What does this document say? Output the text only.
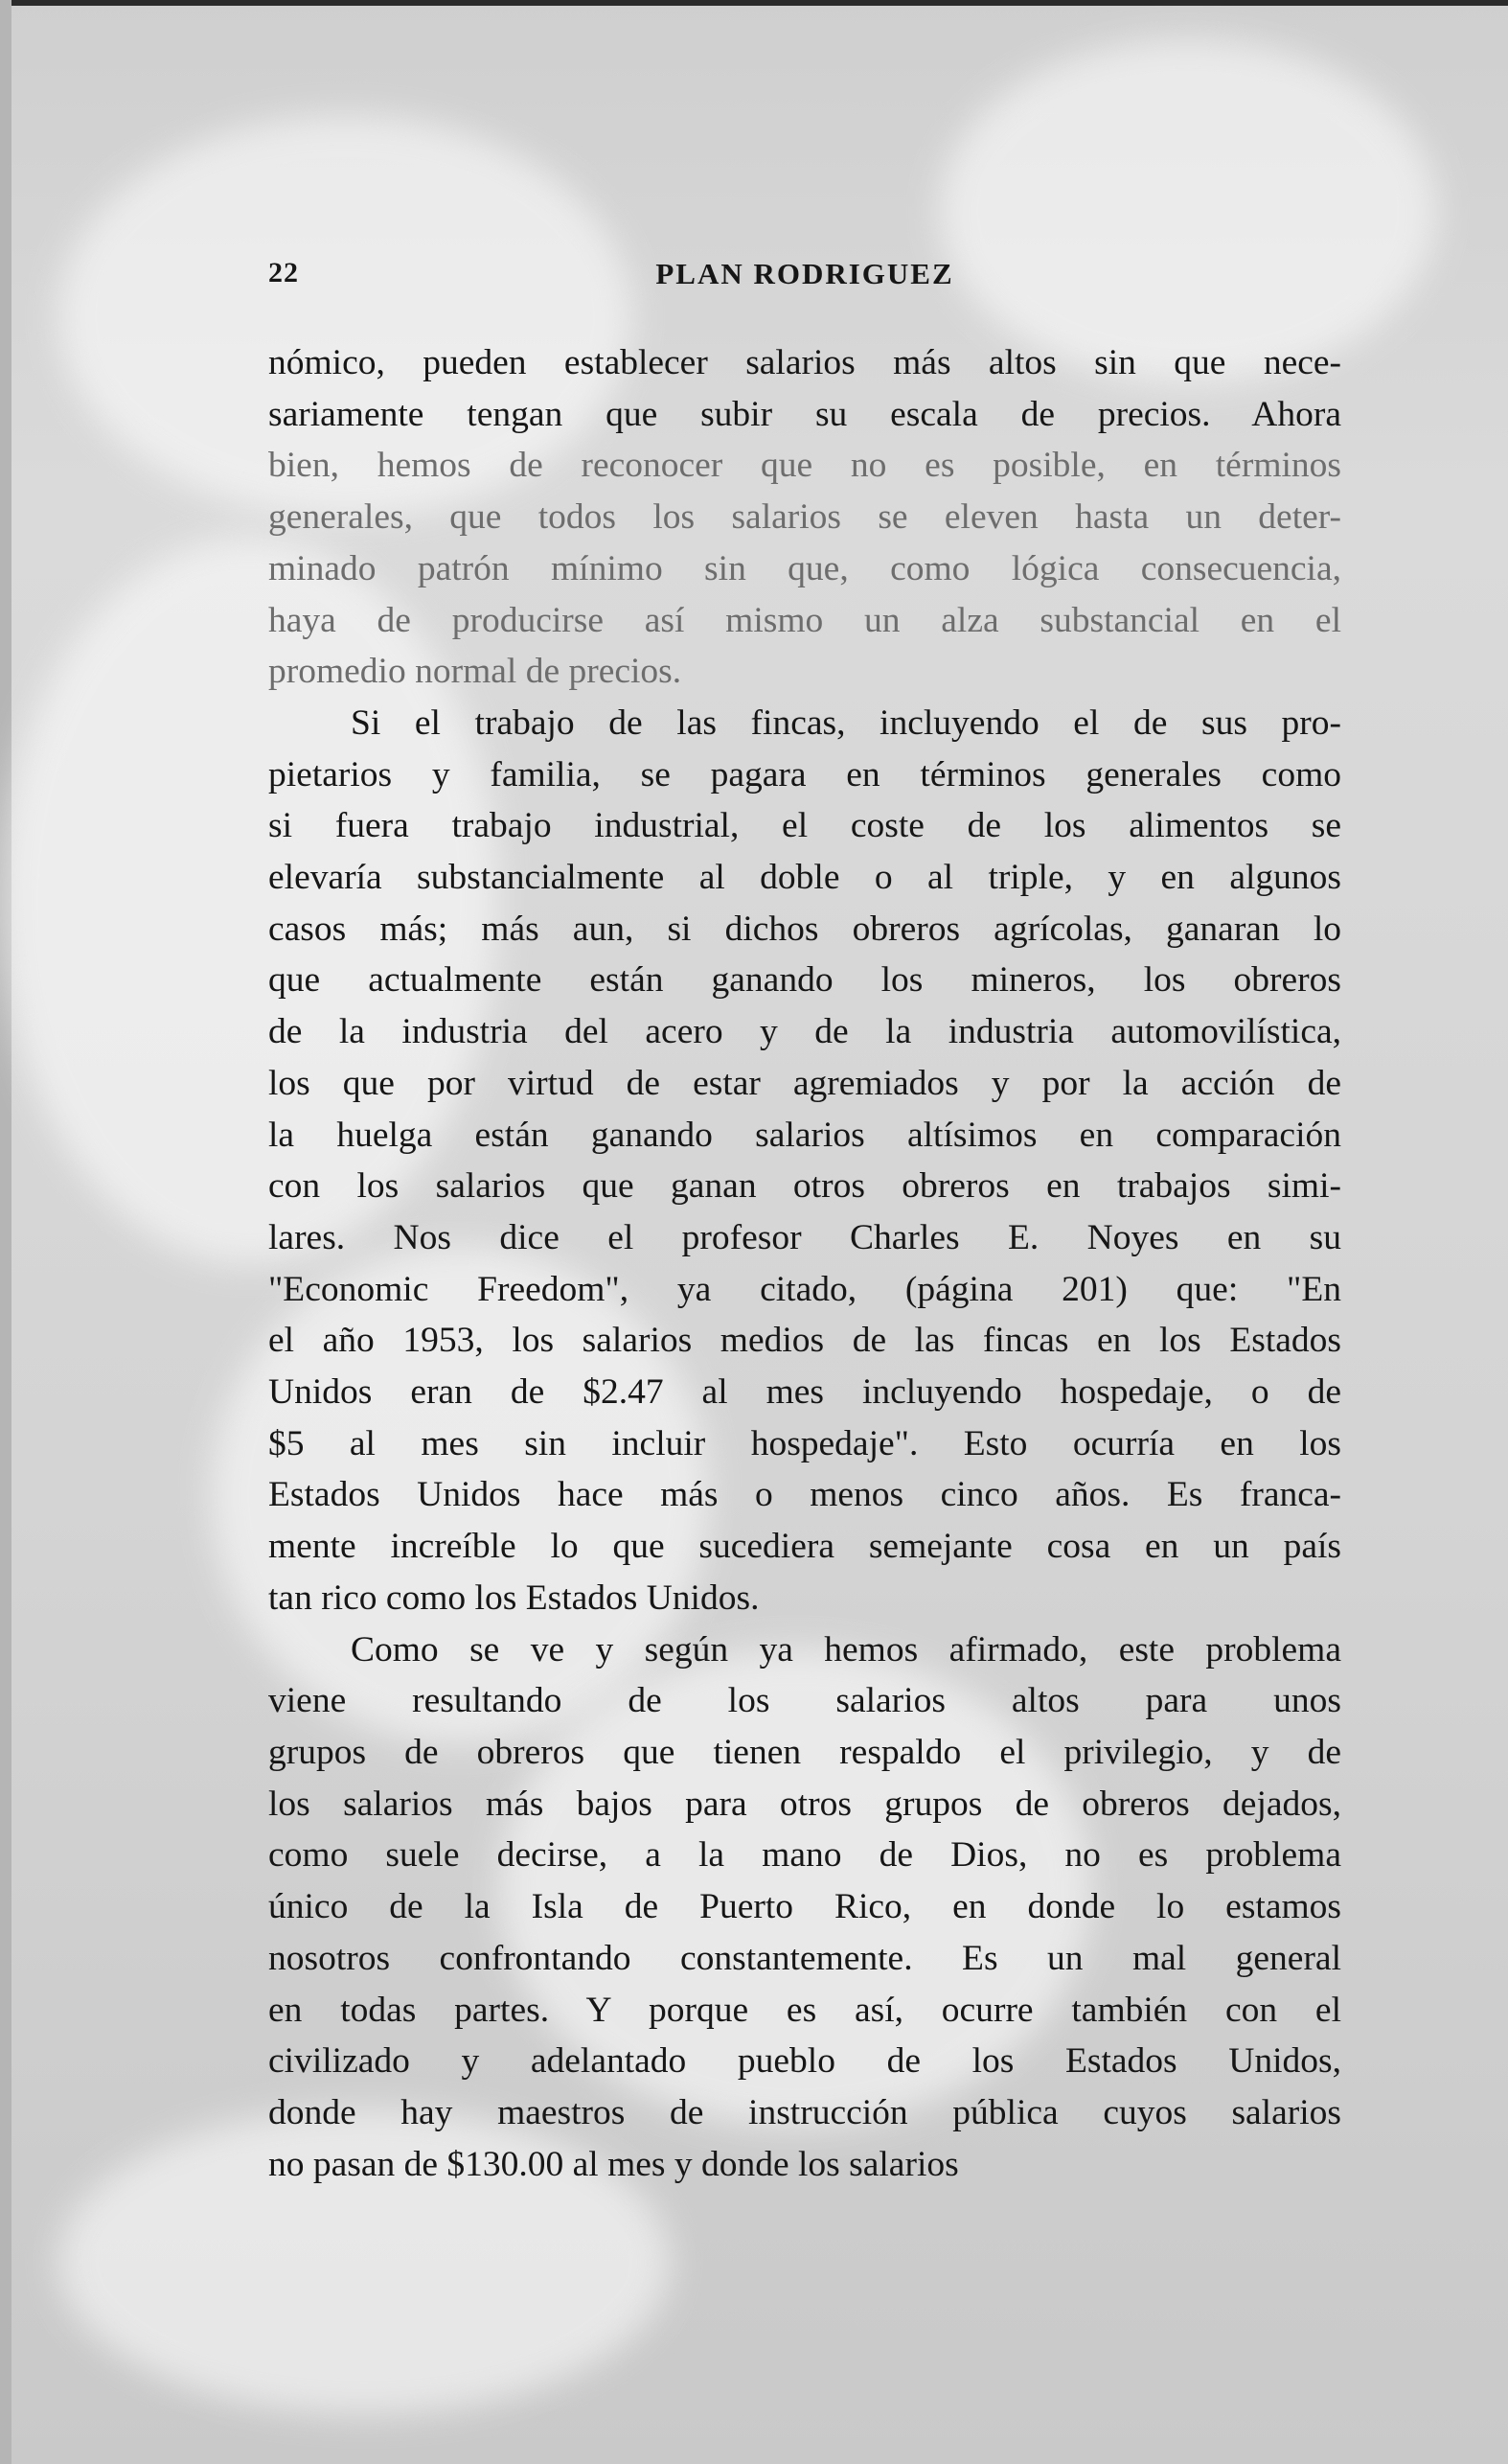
22	PLAN RODRIGUEZ
nómico, pueden establecer salarios más altos sin que nece-
sariamente tengan que subir su escala de precios. Ahora
bien, hemos de reconocer que no es posible, en términos
generales, que todos los salarios se eleven hasta un deter-
minado patrón mínimo sin que, como lógica consecuencia,
haya de producirse así mismo un alza substancial en el
promedio normal de precios.
Si el trabajo de las fincas, incluyendo el de sus pro-
pietarios y familia, se pagara en términos generales como
si fuera trabajo industrial, el coste de los alimentos se
elevaría substancialmente al doble o al triple, y en algunos
casos más; más aun, si dichos obreros agrícolas, ganaran lo
que actualmente están ganando los mineros, los obreros
de la industria del acero y de la industria automovilística,
los que por virtud de estar agremiados y por la acción de
la huelga están ganando salarios altísimos en comparación
con los salarios que ganan otros obreros en trabajos simi-
lares. Nos dice el profesor Charles E. Noyes en su
"Economic Freedom", ya citado, (página 201) que: "En
el año 1953, los salarios medios de las fincas en los Estados
Unidos eran de $2.47 al mes incluyendo hospedaje, o de
$5 al mes sin incluir hospedaje". Esto ocurría en los
Estados Unidos hace más o menos cinco años. Es franca-
mente increíble lo que sucediera semejante cosa en un país
tan rico como los Estados Unidos.
Como se ve y según ya hemos afirmado, este problema
viene resultando de los salarios altos para unos
grupos de obreros que tienen respaldo el privilegio, y de
los salarios más bajos para otros grupos de obreros dejados,
como suele decirse, a la mano de Dios, no es problema
único de la Isla de Puerto Rico, en donde lo estamos
nosotros confrontando constantemente. Es un mal general
en todas partes. Y porque es así, ocurre también con el
civilizado y adelantado pueblo de los Estados Unidos,
donde hay maestros de instrucción pública cuyos salarios
no pasan de $130.00 al mes y donde los salarios
